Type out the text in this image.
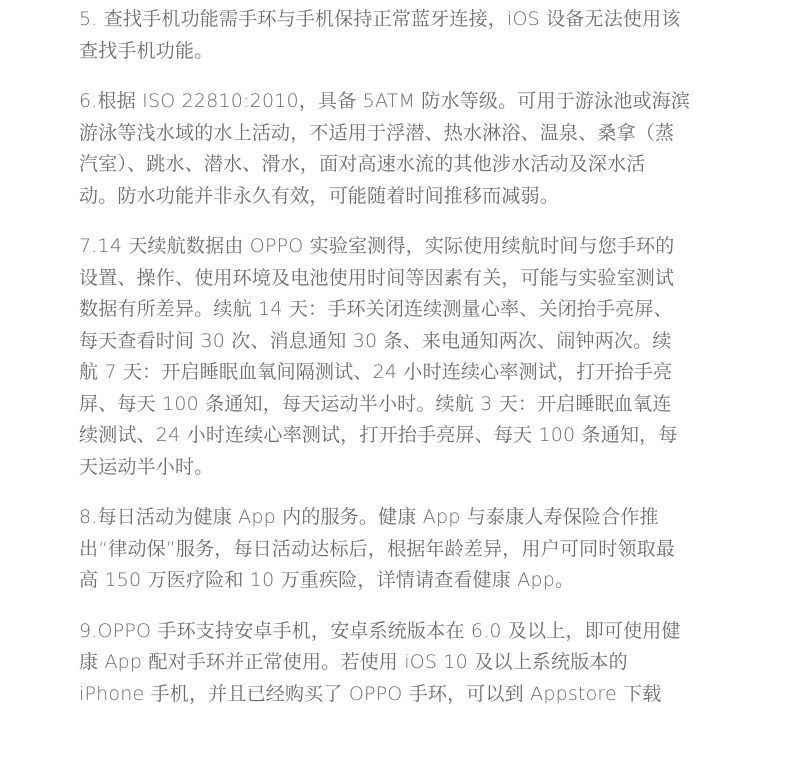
5. 查找手机功能需手环与手机保持正常蓝牙连接，iOS 设备无法使用该
查找手机功能。

6.根据 ISO 22810:2010，具备 5ATM 防水等级。可用于游泳池或海滨
游泳等浅水域的水上活动，不适用于浮潜、热水淋浴、温泉、桑拿（蒸
汽室）、跳水、潜水、滑水，面对高速水流的其他涉水活动及深水活
动。防水功能并非永久有效，可能随着时间推移而减弱。

7.14 天续航数据由 OPPO 实验室测得，实际使用续航时间与您手环的
设置、操作、使用环境及电池使用时间等因素有关，可能与实验室测试
数据有所差异。续航 14 天：手环关闭连续测量心率、关闭抬手亮屏、
每天查看时间 30 次、消息通知 30 条、来电通知两次、闹钟两次。续
航 7 天：开启睡眠血氧间隔测试、24 小时连续心率测试，打开抬手亮
屏、每天 100 条通知，每天运动半小时。续航 3 天：开启睡眠血氧连
续测试、24 小时连续心率测试，打开抬手亮屏、每天 100 条通知，每
天运动半小时。

8.每日活动为健康 App 内的服务。健康 App 与泰康人寿保险合作推
出“律动保”服务，每日活动达标后，根据年龄差异，用户可同时领取最
高 150 万医疗险和 10 万重疾险，详情请查看健康 App。

9.OPPO 手环支持安卓手机，安卓系统版本在 6.0 及以上，即可使用健
康 App 配对手环并正常使用。若使用 iOS 10 及以上系统版本的
iPhone 手机，并且已经购买了 OPPO 手环，可以到 Appstore 下载
